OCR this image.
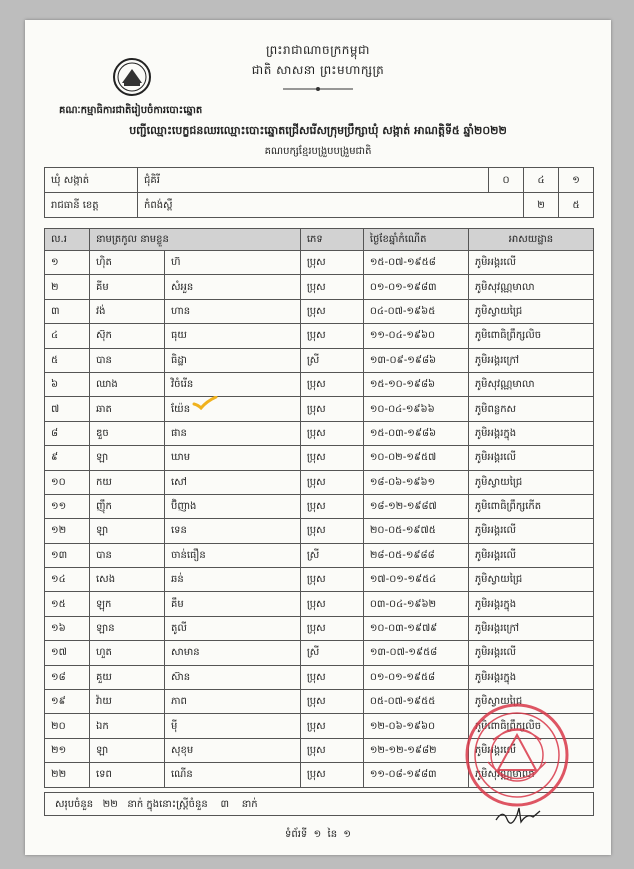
ព្រះរាជាណាចក្រកម្ពុជា
ជាតិ សាសនា ព្រះមហាក្សត្រ
គណៈកម្មាធិការជាតិរៀបចំការបោះឆ្នោត
បញ្ជីឈ្មោះបេក្ខជនឈរឈ្មោះបោះឆ្នោតជ្រើសរើសក្រុមប្រឹក្សាឃុំ សង្កាត់ អាណត្តិទី៥ ឆ្នាំ២០២២
គណបក្សខ្មែរបង្រួបបង្រួមជាតិ
ឃុំ សង្កាត់	ជុំគិរី	០	៤	១
រាជធានី ខេត្ត	កំពង់ស្ពឺ		២	៥
ល.រ	នាមត្រកូល នាមខ្លួន		ភេទ	ថ្ងៃខែឆ្នាំកំណើត	អាសយដ្ឋាន
១	ហ៊ិត	ហ៊	ប្រុស	១៥-០៧-១៩៥៨	ភូមិអង្គរលើ
២	គីម	សំអួន	ប្រុស	០១-០១-១៩៨៣	ភូមិសុវណ្ណមាលា
៣	វង់	ហាន	ប្រុស	០៤-០៧-១៩៦៥	ភូមិស្វាយជ្រៃ
៤	ស៊ុក	ធុយ	ប្រុស	១១-០៤-១៩៦០	ភូមិពោធិព្រឹក្សលិច
៥	បាន	ធិដ្ឋា	ស្រី	១៣-០៩-១៩៨៦	ភូមិអង្គរក្រៅ
៦	ឈាង	វិចំរើន	ប្រុស	១៥-១០-១៩៨៦	ភូមិសុវណ្ណមាលា
៧	ឆាត	យ៉ែន	ប្រុស	១០-០៤-១៩៦៦	ភូមិពន្លកស
៨	ឌួច	ផាន	ប្រុស	១៥-០៣-១៩៨៦	ភូមិអង្គរក្នុង
៩	ឡា	ឃាម	ប្រុស	១០-០២-១៩៥៧	ភូមិអង្គរលើ
១០	កយ	សៅ	ប្រុស	១៨-០៦-១៩៦១	ភូមិស្វាយជ្រៃ
១១	ញ៉ឹក	ប៊ិញាង	ប្រុស	១៨-១២-១៩៨៧	ភូមិពោធិព្រឹក្សកើត
១២	ឡា	ទេន	ប្រុស	២០-០៥-១៩៧៥	ភូមិអង្គរលើ
១៣	បាន	ចាន់ធឿន	ស្រី	២៨-០៥-១៩៨៨	ភូមិអង្គរលើ
១៤	សេង	ឆន់	ប្រុស	១៧-០១-១៩៥៤	ភូមិស្វាយជ្រៃ
១៥	ឡុក	គឹម	ប្រុស	០៣-០៤-១៩៦២	ភូមិអង្គរក្នុង
១៦	ឡាន	តូលី	ប្រុស	១០-០៣-១៩៧៩	ភូមិអង្គរក្រៅ
១៧	ហួត	សាមាន	ស្រី	១៣-០៧-១៩៥៨	ភូមិអង្គរលើ
១៨	គួយ	ស៊ាន	ប្រុស	០១-០១-១៩៥៨	ភូមិអង្គរក្នុង
១៩	វ៉ាយ	ភាព	ប្រុស	០៥-០៧-១៩៥៥	ភូមិស្វាយជ្រៃ
២០	ឯក	ម៉ី	ប្រុស	១២-០៦-១៩៦០	ភូមិពោធិព្រឹក្សលិច
២១	ឡា	សុខុម	ប្រុស	១២-១២-១៩៨២	ភូមិអង្គរលើ
២២	ទេព	ណើន	ប្រុស	១១-០៨-១៩៨៣	ភូមិសុវណ្ណមាលា
សរុបចំនួន ២២ នាក់ ក្នុងនោះស្ត្រីចំនួន ៣ នាក់
ទំព័រទី ១ នៃ ១
